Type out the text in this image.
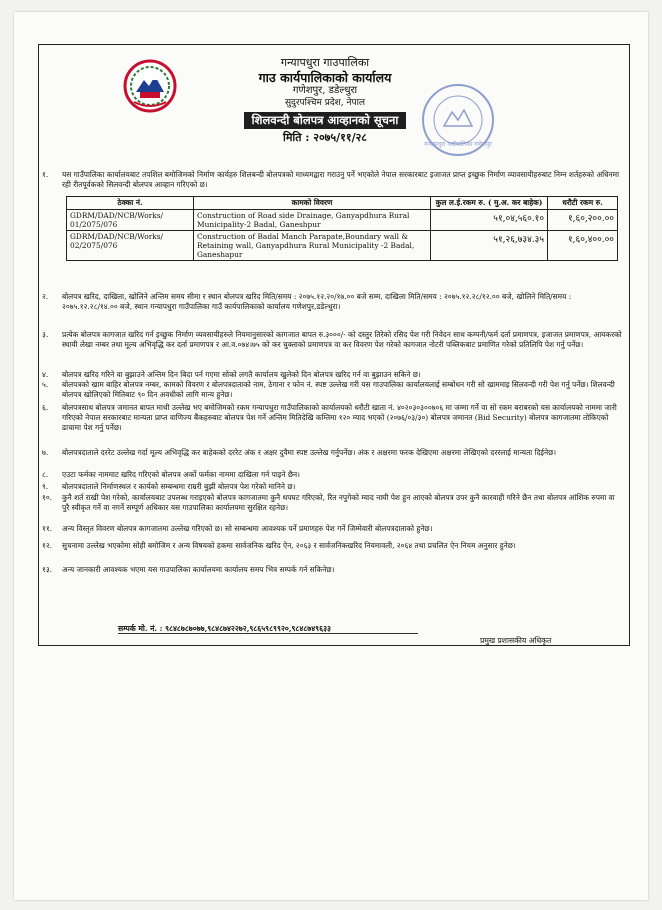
गन्यापधुरा गाउपालिका
गाउ कार्यपालिकाको कार्यालय
गणेशपुर, डडेल्धुरा
सुदुरपश्चिम प्रदेश, नेपाल
शिलवन्दी बोलपत्र आव्हानको सूचना
मिति : २०७५/११/२८
गन्यापधुरा गाउँपालिका गणेशपुर
१. यस गाउँपालिका कार्यालयबाट तपशिल बमोजिमको निर्माण कार्यहरु शिलबन्दी बोलपत्रको माध्यमद्वारा गराउनु पर्ने भएकोले नेपाल सरकारबाट इजाजत प्राप्त इच्छुक निर्माण व्यावसायीहरुबाट निम्न शर्तहरुको अधिनमा रही रीतपूर्वकको सिलवन्दी बोलपत्र आव्हान गरिएको छ।
ठेक्का नं.	कामको विवरण	कुल ल.ई.रकम रु. ( मु.अ. कर बाहेक)	धरौटी रकम रु.
GDRM/DAD/NCB/Works/ 01/2075/076	Construction of Road side Drainage, Ganyapdhura Rural Municipality-2 Badal, Ganeshpur	५१,०४,५६०.१०	१,६०,२००.००
GDRM/DAD/NCB/Works/ 02/2075/076	Construction of Badal Manch Parapate,Boundary wall & Retaining wall, Ganyapdhura Rural Municipality -2 Badal, Ganeshapur	५१,२६,७३४.३५	१,६०,४००.००
२. बोलपत्र खरिद, दाखिला, खोलिने अन्तिम समय सीमा र स्थान बोलपत्र खरिद मिति/समय : २०७५.१२.२०/१७.०० बजे सम्म, दाखिला मिति/समय : २०७५.१२.२८/१२.०० बजे, खोलिने मिति/समय : २०७५.१२.२८/१४.०० बजे, स्थान गन्यापधुरा गाउँपालिका गाउँ कार्यपालिकाको कार्यालय गणेशपुर,डडेल्धुरा।
३. प्रत्येक बोलपत्र कागजात खरिद गर्न इच्छुक निर्माण व्यवसायीहरुले नियमानुसारको कागजात बापत रु.३०००/- को दस्तुर तिरेको रसिद पेश गरी निवेदन साथ कम्पनी/फर्म दर्ता प्रमाणपत्र, इजाजत प्रमाणपत्र, आयकरको स्थायी लेखा नम्बर तथा मूल्य अभिवृद्धि कर दर्ता प्रमाणपत्र र आ.व.०७४।७५ को कर चुक्ताको प्रमाणपत्र वा कर विवरण पेश गरेको कागजात नोटरी पब्लिकबाट प्रमाणित गरेको प्रतिलिपि पेश गर्नु पर्नेछ।
४. बोलपत्र खरिद गरिने वा बुझाउने अन्तिम दिन बिदा पर्न गएमा सोको लगतै कार्यालय खुलेको दिन बोलपत्र खरिद गर्न वा बुझाउन सकिने छ।
५. बोलपत्रको खाम बाहिर बोलपत्र नम्बर, कामको विवरण र बोलपत्रदाताको नाम, ठेगाना र फोन नं. स्पष्ट उल्लेख गरी यस गाउपालिका कार्यालयलाई सम्बोधन गरी सो खाममाइ सिलवन्दी गरी पेश गर्नु पर्नेछ। शिलवन्दी बोलपत्र खोलिएको मितिबाट ९० दिन अवधीको लागि मान्य हुनेछ।
६. बोलपत्रसाथ बोलपत्र जमानत बापत माथी उल्लेख भए बमोजिमको रकम गन्यापधुरा गाउँपालिकाको कार्यालयको धरौटी खाता नं. ४०२०३०३००७०६ मा जम्मा गर्ने वा सो रकम बराबरको यस कार्यालयको नाममा जारी गरिएको नेपाल सरकारबाट मान्यता प्राप्त वाणिज्य बैंकहरुबाट बोलपत्र पेश गर्ने अन्तिम मितिदेखि कम्तिमा १२० म्याद भएको (२०७६/०३/३०) बोलपत्र जमानत (Bid Security) बोलपत्र कागजातमा तोकिएको ढाचामा पेश गर्नु पर्नेछ।
७. बोलपत्रदाताले दररेट उल्लेख गर्दा मूल्य अभिवृद्धि कर बाहेकको दररेट अंक र अक्षर दुवैमा स्पष्ट उल्लेख गर्नुपर्नेछ। अंक र अक्षरमा फरक देखिएमा अक्षरमा लेखिएको दररलाई मान्यता दिईनेछ।
८. एउटा फर्मका नाममाट खरिद गरिएको बोलपत्र अर्को फर्मका नाममा दाखिला गर्न पाइने छैन।
९. बोलपत्रदाताले निर्माणस्थल र कार्यको सम्बन्धमा राम्ररी बुझी बोलपत्र पेश गरेको मानिने छ।
१०. कुनै शर्त राखी पेश गरेको, कार्यालयबाट उपलब्ध गराइएको बोलपत्र कागजातमा कुनै थपघट गरिएको, रित नपुगेको म्याद नाघी पेश हुन आएको बोलपत्र उपर कुनै कारवाही गरिने छैन तथा बोलपत्र आंशिक रुपमा वा पुरै स्वीकृत गर्ने वा नगर्ने सम्पूर्ण अधिकार यस गाउपालिका कार्यालयमा सुरक्षित रहनेछ।
११. अन्य विस्तृत विवरण बोलपत्र कागजातमा उल्लेख गरिएको छ। सो सम्बन्धमा आवश्यक पर्ने प्रमाणहरु पेश गर्ने जिम्मेवारी बोलपत्रदाताको हुनेछ।
१२. सुचनामा उल्लेख भएकोमा सोही बमोजिम र अन्य विषयको हकमा सार्वजनिक खरिद ऐन, २०६३ र सार्वजनिकखरिद नियमावली, २०६४ तथा प्रचलित ऐन नियम अनुसार हुनेछ।
१३. अन्य जानकारी आवश्यक भएमा यस गाउपालिका कार्यालयमा कार्यालय समय भित्र सम्पर्क गर्न सकिनेछ।
सम्पर्क मो. नं. : ९८४८७८७०७७,९८४८७४२२७२,९८६५९८९९२०,९८४८७४९६३३
प्रमुख प्रशासकीय अधिकृत
